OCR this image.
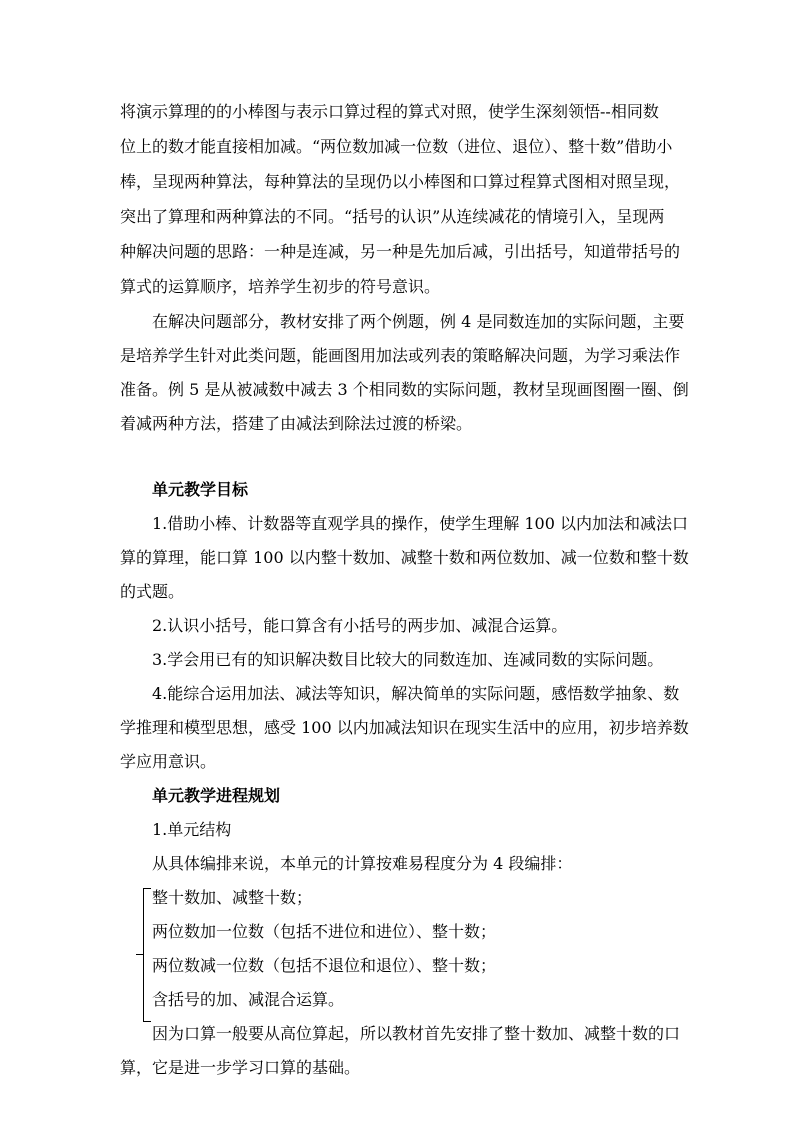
将演示算理的的小棒图与表示口算过程的算式对照，使学生深刻领悟--相同数
位上的数才能直接相加减。“两位数加减一位数（进位、退位）、整十数”借助小
棒，呈现两种算法，每种算法的呈现仍以小棒图和口算过程算式图相对照呈现，
突出了算理和两种算法的不同。“括号的认识”从连续减花的情境引入，呈现两
种解决问题的思路：一种是连减，另一种是先加后减，引出括号，知道带括号的
算式的运算顺序，培养学生初步的符号意识。
在解决问题部分，教材安排了两个例题，例 4 是同数连加的实际问题，主要
是培养学生针对此类问题，能画图用加法或列表的策略解决问题，为学习乘法作
准备。例 5 是从被减数中减去 3 个相同数的实际问题，教材呈现画图圈一圈、倒
着减两种方法，搭建了由减法到除法过渡的桥梁。
单元教学目标
1.借助小棒、计数器等直观学具的操作，使学生理解 100 以内加法和减法口
算的算理，能口算 100 以内整十数加、减整十数和两位数加、减一位数和整十数
的式题。
2.认识小括号，能口算含有小括号的两步加、减混合运算。
3.学会用已有的知识解决数目比较大的同数连加、连减同数的实际问题。
4.能综合运用加法、减法等知识，解决简单的实际问题，感悟数学抽象、数
学推理和模型思想，感受 100 以内加减法知识在现实生活中的应用，初步培养数
学应用意识。
单元教学进程规划
1.单元结构
从具体编排来说，本单元的计算按难易程度分为 4 段编排：
整十数加、减整十数；
两位数加一位数（包括不进位和进位）、整十数；
两位数减一位数（包括不退位和退位）、整十数；
含括号的加、减混合运算。
因为口算一般要从高位算起，所以教材首先安排了整十数加、减整十数的口
算，它是进一步学习口算的基础。
